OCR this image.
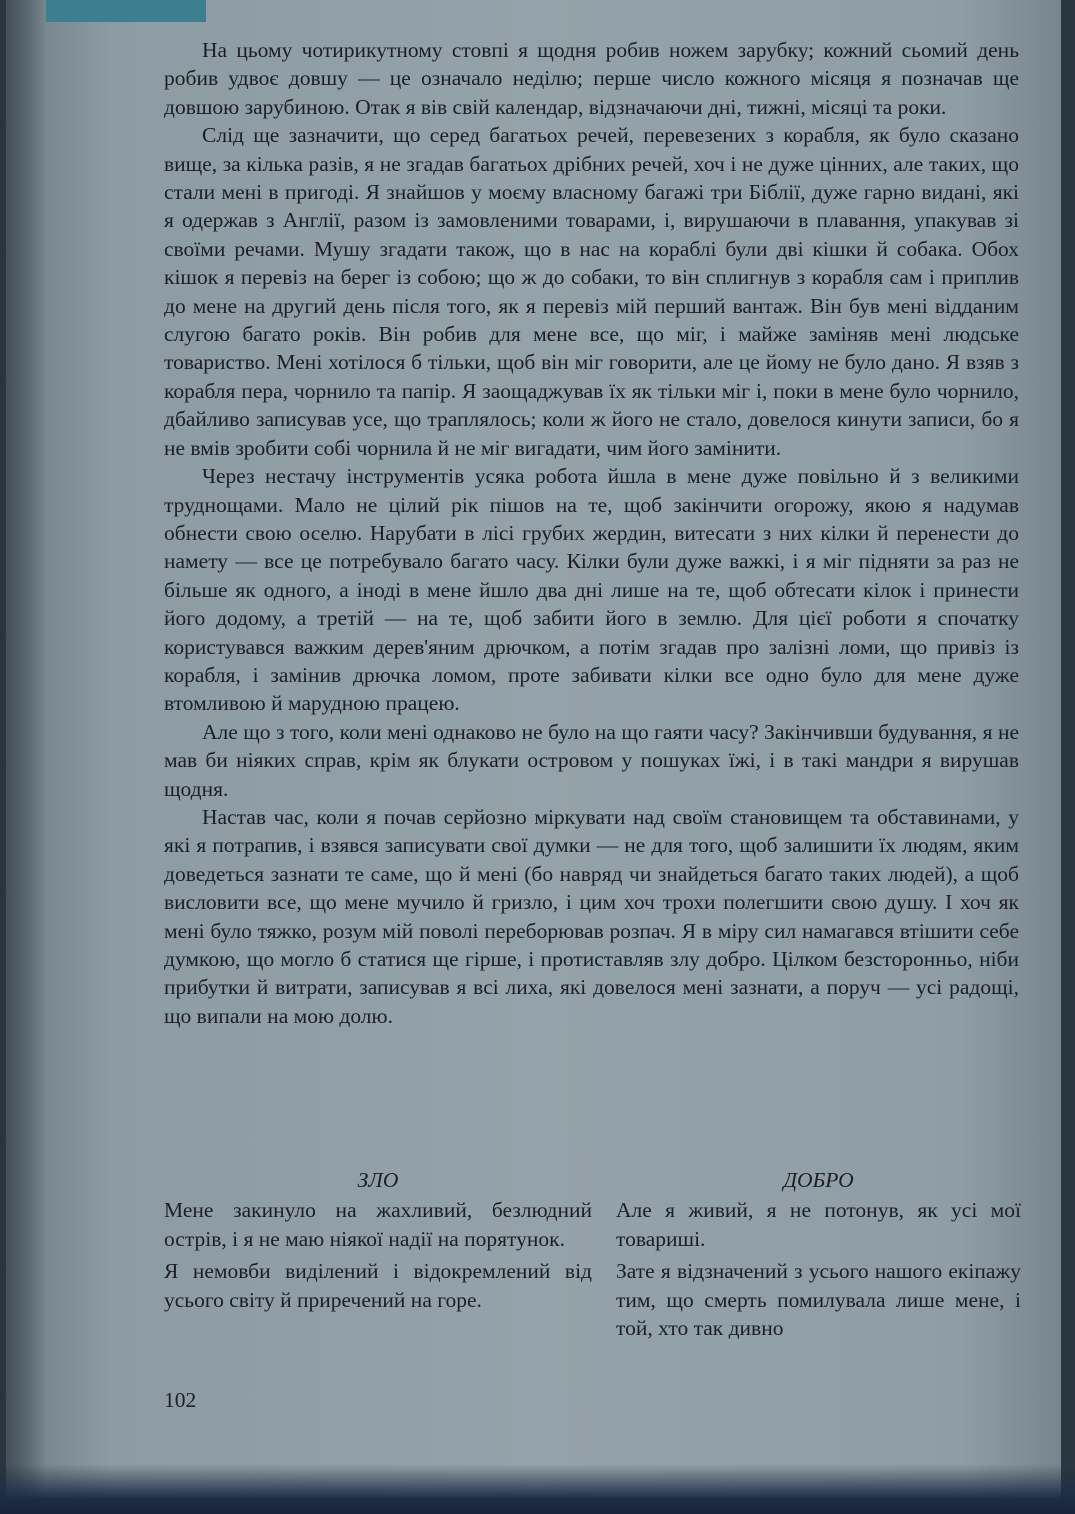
На цьому чотирикутному стовпі я щодня робив ножем зарубку; кожний сьомий день робив удвоє довшу — це означало неділю; перше число кожного місяця я позначав ще довшою зарубиною. Отак я вів свій календар, відзначаючи дні, тижні, місяці та роки.

Слід ще зазначити, що серед багатьох речей, перевезених з корабля, як було сказано вище, за кілька разів, я не згадав багатьох дрібних речей, хоч і не дуже цінних, але таких, що стали мені в пригоді. Я знайшов у моєму власному багажі три Біблії, дуже гарно видані, які я одержав з Англії, разом із замовленими товарами, і, вирушаючи в плавання, упакував зі своїми речами. Мушу згадати також, що в нас на кораблі були дві кішки й собака. Обох кішок я перевіз на берег із собою; що ж до собаки, то він сплигнув з корабля сам і приплив до мене на другий день після того, як я перевіз мій перший вантаж. Він був мені відданим слугою багато років. Він робив для мене все, що міг, і майже заміняв мені людське товариство. Мені хотілося б тільки, щоб він міг говорити, але це йому не було дано. Я взяв з корабля пера, чорнило та папір. Я заощаджував їх як тільки міг і, поки в мене було чорнило, дбайливо записував усе, що траплялось; коли ж його не стало, довелося кинути записи, бо я не вмів зробити собі чорнила й не міг вигадати, чим його замінити.

Через нестачу інструментів усяка робота йшла в мене дуже повільно й з великими труднощами. Мало не цілий рік пішов на те, щоб закінчити огорожу, якою я надумав обнести свою оселю. Нарубати в лісі грубих жердин, витесати з них кілки й перенести до намету — все це потребувало багато часу. Кілки були дуже важкі, і я міг підняти за раз не більше як одного, а іноді в мене йшло два дні лише на те, щоб обтесати кілок і принести його додому, а третій — на те, щоб забити його в землю. Для цієї роботи я спочатку користувався важким дерев'яним дрючком, а потім згадав про залізні ломи, що привіз із корабля, і замінив дрючка ломом, проте забивати кілки все одно було для мене дуже втомливою й марудною працею.

Але що з того, коли мені однаково не було на що гаяти часу? Закінчивши будування, я не мав би ніяких справ, крім як блукати островом у пошуках їжі, і в такі мандри я вирушав щодня.

Настав час, коли я почав серйозно міркувати над своїм становищем та обставинами, у які я потрапив, і взявся записувати свої думки — не для того, щоб залишити їх людям, яким доведеться зазнати те саме, що й мені (бо навряд чи знайдеться багато таких людей), а щоб висловити все, що мене мучило й гризло, і цим хоч трохи полегшити свою душу. І хоч як мені було тяжко, розум мій поволі переборював розпач. Я в міру сил намагався втішити себе думкою, що могло б статися ще гірше, і протиставляв злу добро. Цілком безсторонньо, ніби прибутки й витрати, записував я всі лиха, які довелося мені зазнати, а поруч — усі радощі, що випали на мою долю.

ЗЛО

Мене закинуло на жахливий, безлюдний острів, і я не маю ніякої надії на порятунок.

Я немовби виділений і відокремлений від усього світу й приречений на горе.

ДОБРО

Але я живий, я не потонув, як усі мої товариші.

Зате я відзначений з усього нашого екіпажу тим, що смерть помилувала лише мене, і той, хто так дивно

102
